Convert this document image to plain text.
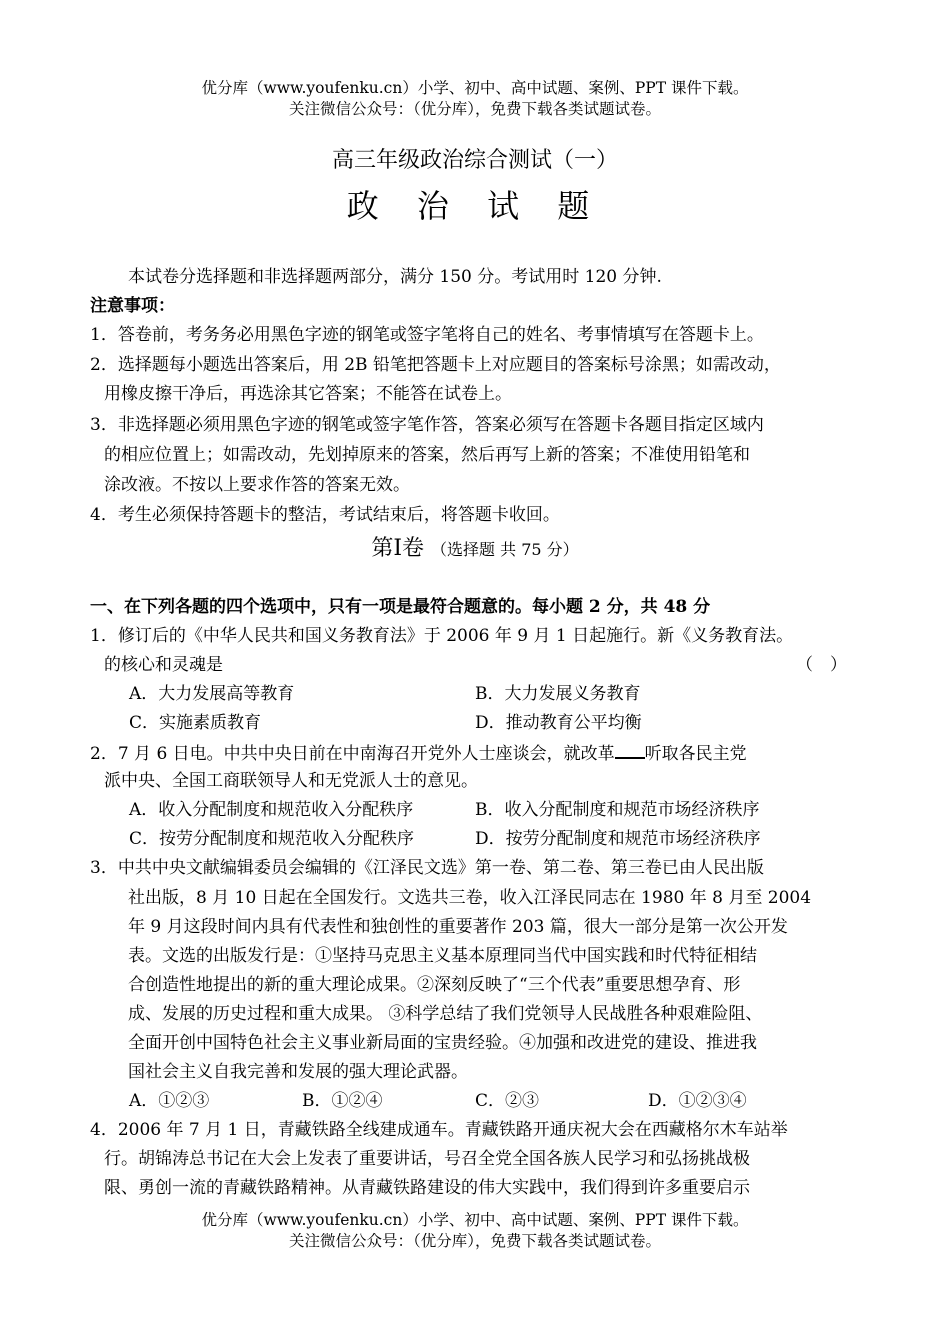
优分库（www.youfenku.cn）小学、初中、高中试题、案例、PPT 课件下载。
关注微信公众号：（优分库），免费下载各类试题试卷。
高三年级政治综合测试（一）
政 治 试 题
本试卷分选择题和非选择题两部分，满分 150 分。考试用时 120 分钟.
注意事项：
1．答卷前，考务务必用黑色字迹的钢笔或签字笔将自己的姓名、考事情填写在答题卡上。
2．选择题每小题选出答案后，用 2B 铅笔把答题卡上对应题目的答案标号涂黑；如需改动，
用橡皮擦干净后，再选涂其它答案；不能答在试卷上。
3．非选择题必须用黑色字迹的钢笔或签字笔作答，答案必须写在答题卡各题目指定区域内
的相应位置上；如需改动，先划掉原来的答案，然后再写上新的答案；不准使用铅笔和
涂改液。不按以上要求作答的答案无效。
4．考生必须保持答题卡的整洁，考试结束后，将答题卡收回。
第Ⅰ卷 （选择题 共 75 分）
一、在下列各题的四个选项中，只有一项是最符合题意的。每小题 2 分，共 48 分
1．修订后的《中华人民共和国义务教育法》于 2006 年 9 月 1 日起施行。新《义务教育法。
的核心和灵魂是	（　）
A．大力发展高等教育	B．大力发展义务教育
C．实施素质教育	D．推动教育公平均衡
2．7 月 6 日电。中共中央日前在中南海召开党外人士座谈会，就改革 听取各民主党
派中央、全国工商联领导人和无党派人士的意见。
A．收入分配制度和规范收入分配秩序	B．收入分配制度和规范市场经济秩序
C．按劳分配制度和规范收入分配秩序	D．按劳分配制度和规范市场经济秩序
3．中共中央文献编辑委员会编辑的《江泽民文选》第一卷、第二卷、第三卷已由人民出版
社出版，8 月 10 日起在全国发行。文选共三卷，收入江泽民同志在 1980 年 8 月至 2004
年 9 月这段时间内具有代表性和独创性的重要著作 203 篇，很大一部分是第一次公开发
表。文选的出版发行是：①坚持马克思主义基本原理同当代中国实践和时代特征相结
合创造性地提出的新的重大理论成果。②深刻反映了“三个代表”重要思想孕育、形
成、发展的历史过程和重大成果。 ③科学总结了我们党领导人民战胜各种艰难险阻、
全面开创中国特色社会主义事业新局面的宝贵经验。④加强和改进党的建设、推进我
国社会主义自我完善和发展的强大理论武器。
A．①②③	B．①②④	C．②③	D．①②③④
4．2006 年 7 月 1 日，青藏铁路全线建成通车。青藏铁路开通庆祝大会在西藏格尔木车站举
行。胡锦涛总书记在大会上发表了重要讲话，号召全党全国各族人民学习和弘扬挑战极
限、勇创一流的青藏铁路精神。从青藏铁路建设的伟大实践中，我们得到许多重要启示
优分库（www.youfenku.cn）小学、初中、高中试题、案例、PPT 课件下载。
关注微信公众号：（优分库），免费下载各类试题试卷。
